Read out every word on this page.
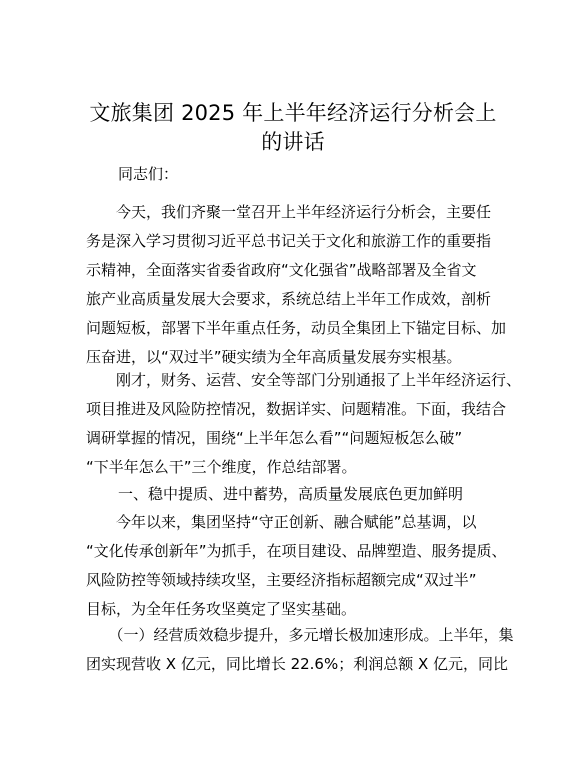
文旅集团 2025 年上半年经济运行分析会上的讲话
同志们：
　　今天，我们齐聚一堂召开上半年经济运行分析会，主要任
务是深入学习贯彻习近平总书记关于文化和旅游工作的重要指
示精神，全面落实省委省政府“文化强省”战略部署及全省文
旅产业高质量发展大会要求，系统总结上半年工作成效，剖析
问题短板，部署下半年重点任务，动员全集团上下锚定目标、加
压奋进，以“双过半”硬实绩为全年高质量发展夯实根基。
　　刚才，财务、运营、安全等部门分别通报了上半年经济运行、
项目推进及风险防控情况，数据详实、问题精准。下面，我结合
调研掌握的情况，围绕“上半年怎么看”“问题短板怎么破”
“下半年怎么干”三个维度，作总结部署。
一、稳中提质、进中蓄势，高质量发展底色更加鲜明
　　今年以来，集团坚持“守正创新、融合赋能”总基调，以
“文化传承创新年”为抓手，在项目建设、品牌塑造、服务提质、
风险防控等领域持续攻坚，主要经济指标超额完成“双过半”
目标，为全年任务攻坚奠定了坚实基础。
　　（一）经营质效稳步提升，多元增长极加速形成。上半年，集
团实现营收 X 亿元，同比增长 22.6%；利润总额 X 亿元，同比
